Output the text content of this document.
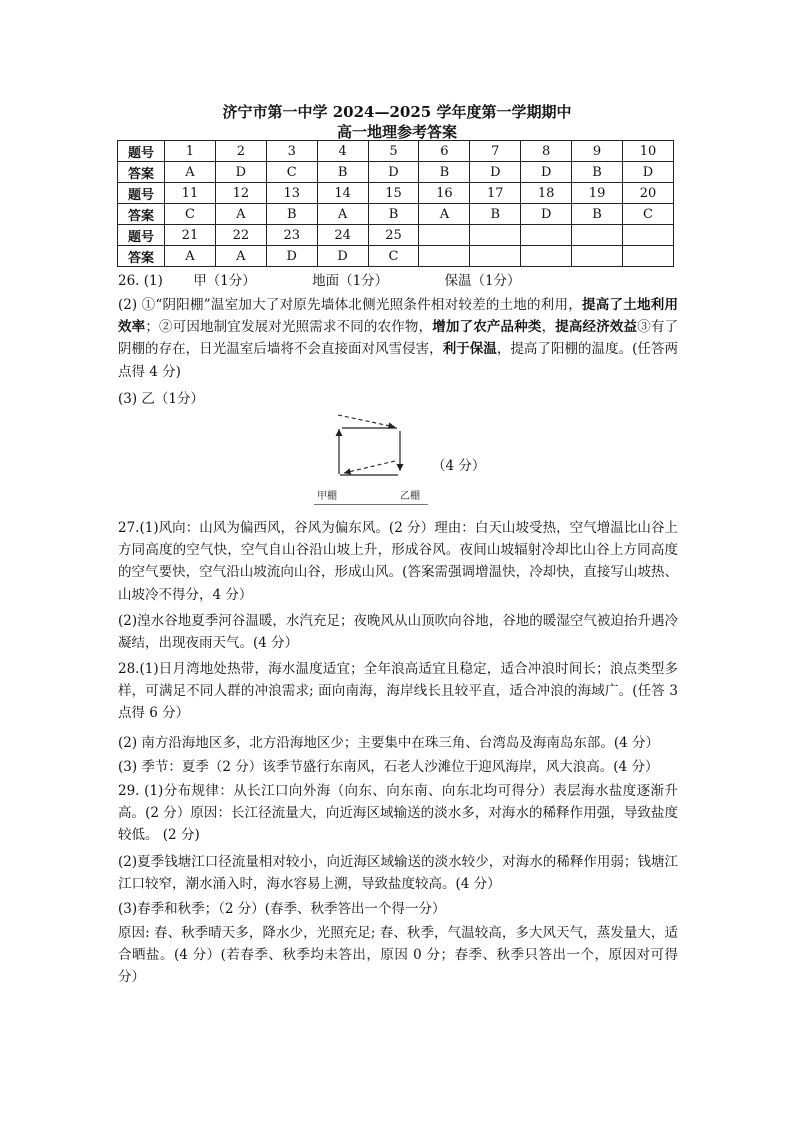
济宁市第一中学 2024—2025 学年度第一学期期中
高一地理参考答案
题号	1	2	3	4	5	6	7	8	9	10
答案	A	D	C	B	D	B	D	D	B	D
题号	11	12	13	14	15	16	17	18	19	20
答案	C	A	B	A	B	A	B	D	B	C
题号	21	22	23	24	25					
答案	A	A	D	D	C					
26. (1) 甲（1分）	地面（1分）	保温（1分）
(2) ①“阴阳棚”温室加大了对原先墙体北侧光照条件相对较差的土地的利用，提高了土地利用效率；②可因地制宜发展对光照需求不同的农作物，增加了农产品种类，提高经济效益③有了阴棚的存在，日光温室后墙将不会直接面对风雪侵害，利于保温，提高了阳棚的温度。(任答两点得 4 分)
(3) 乙（1分）
甲棚	乙棚
（4 分）
27.(1)风向：山风为偏西风，谷风为偏东风。(2 分）理由：白天山坡受热，空气增温比山谷上方同高度的空气快，空气自山谷沿山坡上升，形成谷风。夜间山坡辐射冷却比山谷上方同高度的空气要快，空气沿山坡流向山谷，形成山风。(答案需强调增温快，冷却快，直接写山坡热、山坡冷不得分，4 分）
(2)湟水谷地夏季河谷温暖，水汽充足；夜晚风从山顶吹向谷地，谷地的暖湿空气被迫抬升遇冷凝结，出现夜雨天气。(4 分）
28.(1)日月湾地处热带，海水温度适宜；全年浪高适宜且稳定，适合冲浪时间长；浪点类型多样，可满足不同人群的冲浪需求; 面向南海，海岸线长且较平直，适合冲浪的海域广。(任答 3 点得 6 分）
(2) 南方沿海地区多，北方沿海地区少；主要集中在珠三角、台湾岛及海南岛东部。(4 分）
(3) 季节：夏季（2 分）该季节盛行东南风，石老人沙滩位于迎风海岸，风大浪高。(4 分）
29. (1)分布规律：从长江口向外海（向东、向东南、向东北均可得分）表层海水盐度逐渐升高。(2 分）原因：长江径流量大，向近海区域输送的淡水多，对海水的稀释作用强，导致盐度较低。 (2 分)
(2)夏季钱塘江口径流量相对较小，向近海区域输送的淡水较少，对海水的稀释作用弱；钱塘江江口较窄，潮水涌入时，海水容易上溯，导致盐度较高。(4 分）
(3)春季和秋季；（2 分）(春季、秋季答出一个得一分）
原因: 春、秋季晴天多，降水少，光照充足; 春、秋季，气温较高，多大风天气，蒸发量大，适合晒盐。(4 分）(若春季、秋季均未答出，原因 0 分；春季、秋季只答出一个，原因对可得分）
